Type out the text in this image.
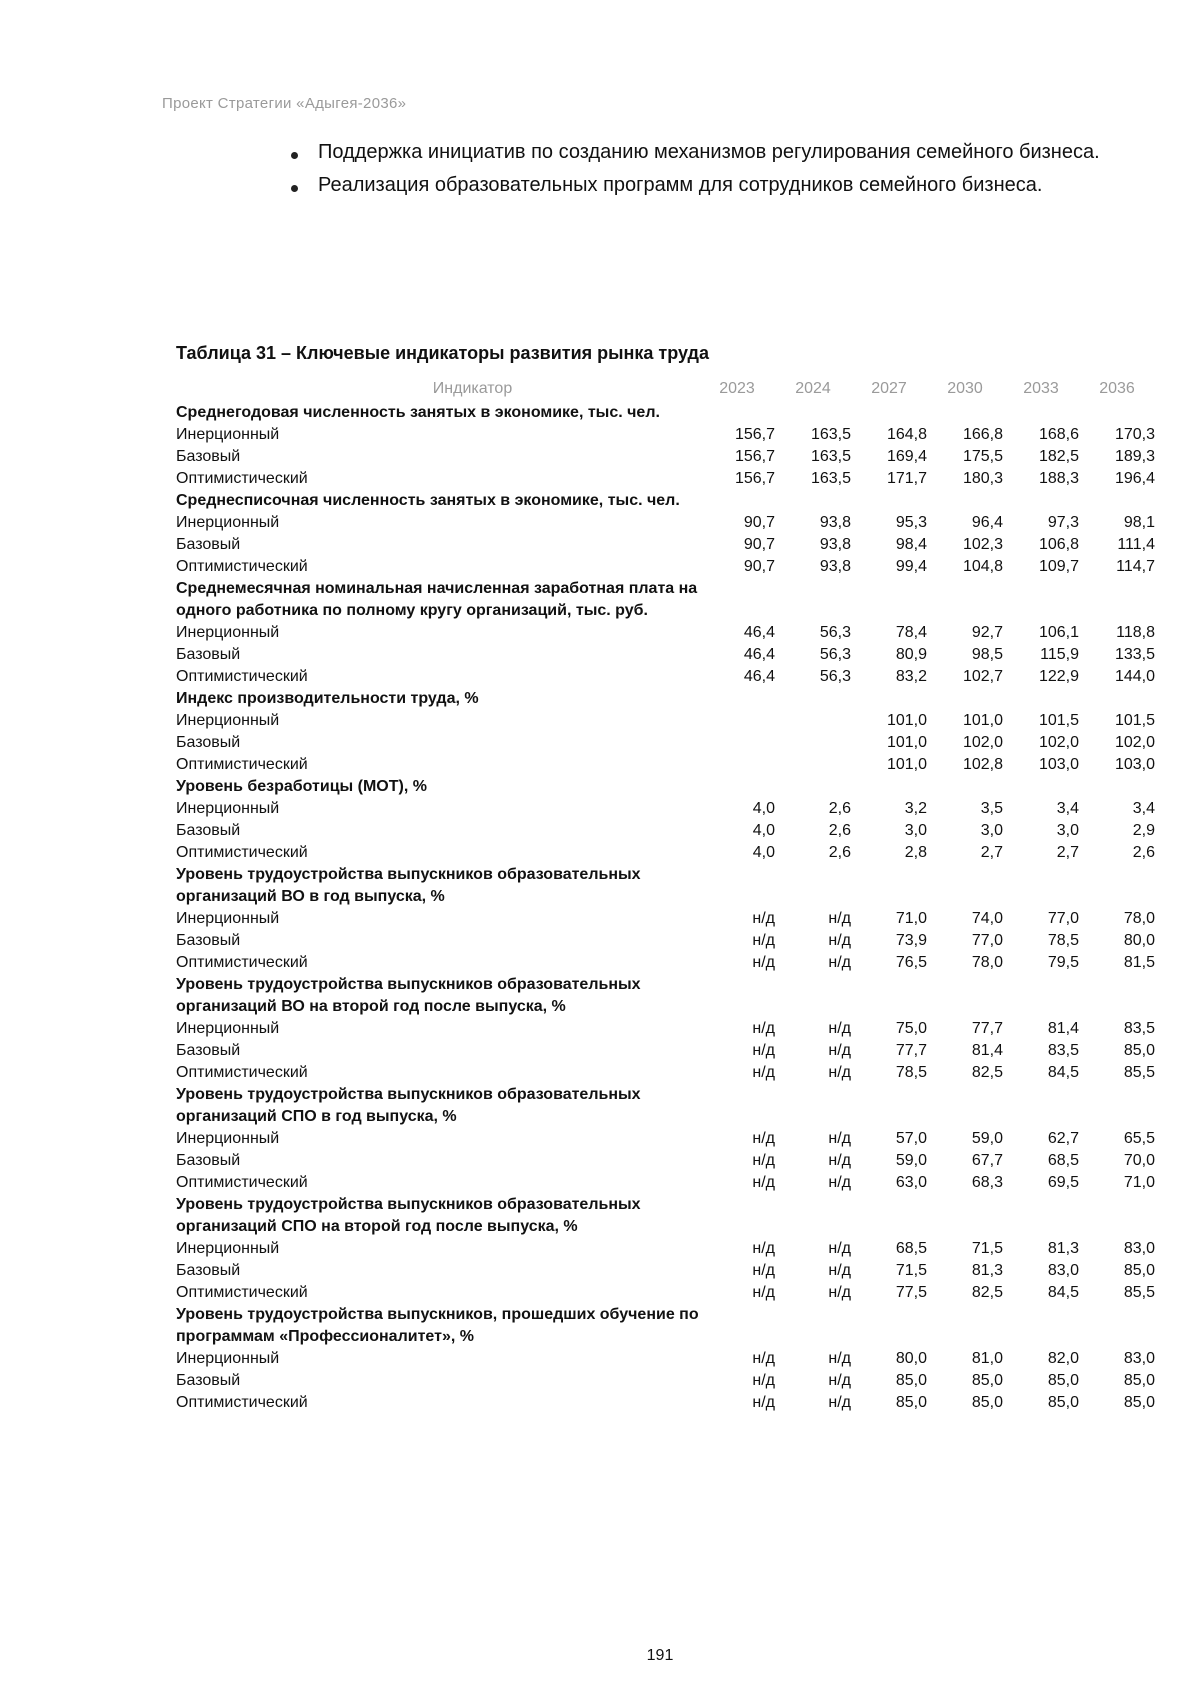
Проект Стратегии «Адыгея-2036»
Поддержка инициатив по созданию механизмов регулирования семейного бизнеса.
Реализация образовательных программ для сотрудников семейного бизнеса.
Таблица 31 – Ключевые индикаторы развития рынка труда
Индикатор	2023	2024	2027	2030	2033	2036
Среднегодовая численность занятых в экономике, тыс. чел.						
Инерционный	156,7	163,5	164,8	166,8	168,6	170,3
Базовый	156,7	163,5	169,4	175,5	182,5	189,3
Оптимистический	156,7	163,5	171,7	180,3	188,3	196,4
Среднесписочная численность занятых в экономике, тыс. чел.						
Инерционный	90,7	93,8	95,3	96,4	97,3	98,1
Базовый	90,7	93,8	98,4	102,3	106,8	111,4
Оптимистический	90,7	93,8	99,4	104,8	109,7	114,7
Среднемесячная номинальная начисленная заработная плата на одного работника по полному кругу организаций, тыс. руб.						
Инерционный	46,4	56,3	78,4	92,7	106,1	118,8
Базовый	46,4	56,3	80,9	98,5	115,9	133,5
Оптимистический	46,4	56,3	83,2	102,7	122,9	144,0
Индекс производительности труда, %						
Инерционный			101,0	101,0	101,5	101,5
Базовый			101,0	102,0	102,0	102,0
Оптимистический			101,0	102,8	103,0	103,0
Уровень безработицы (МОТ), %						
Инерционный	4,0	2,6	3,2	3,5	3,4	3,4
Базовый	4,0	2,6	3,0	3,0	3,0	2,9
Оптимистический	4,0	2,6	2,8	2,7	2,7	2,6
Уровень трудоустройства выпускников образовательных организаций ВО в год выпуска, %						
Инерционный	н/д	н/д	71,0	74,0	77,0	78,0
Базовый	н/д	н/д	73,9	77,0	78,5	80,0
Оптимистический	н/д	н/д	76,5	78,0	79,5	81,5
Уровень трудоустройства выпускников образовательных организаций ВО на второй год после выпуска, %						
Инерционный	н/д	н/д	75,0	77,7	81,4	83,5
Базовый	н/д	н/д	77,7	81,4	83,5	85,0
Оптимистический	н/д	н/д	78,5	82,5	84,5	85,5
Уровень трудоустройства выпускников образовательных организаций СПО в год выпуска, %						
Инерционный	н/д	н/д	57,0	59,0	62,7	65,5
Базовый	н/д	н/д	59,0	67,7	68,5	70,0
Оптимистический	н/д	н/д	63,0	68,3	69,5	71,0
Уровень трудоустройства выпускников образовательных организаций СПО на второй год после выпуска, %						
Инерционный	н/д	н/д	68,5	71,5	81,3	83,0
Базовый	н/д	н/д	71,5	81,3	83,0	85,0
Оптимистический	н/д	н/д	77,5	82,5	84,5	85,5
Уровень трудоустройства выпускников, прошедших обучение по программам «Профессионалитет», %						
Инерционный	н/д	н/д	80,0	81,0	82,0	83,0
Базовый	н/д	н/д	85,0	85,0	85,0	85,0
Оптимистический	н/д	н/д	85,0	85,0	85,0	85,0
191
